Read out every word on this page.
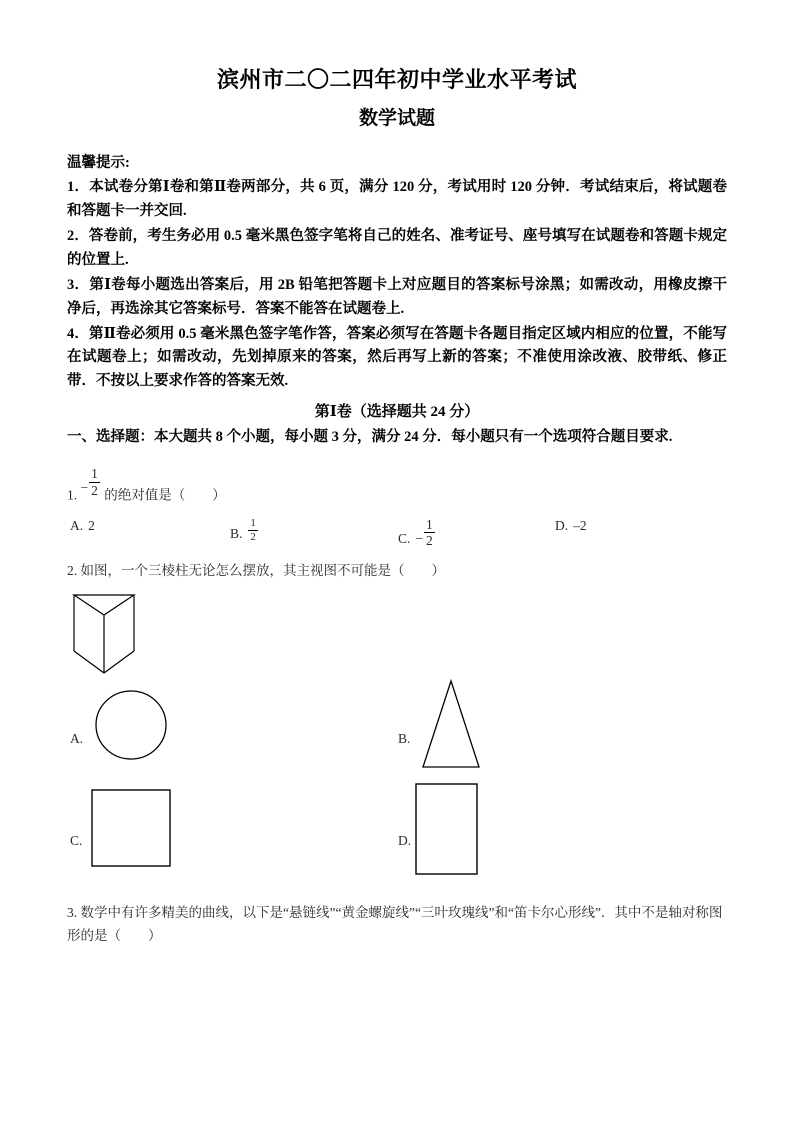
滨州市二〇二四年初中学业水平考试
数学试题
温馨提示:
1．本试卷分第Ⅰ卷和第Ⅱ卷两部分，共 6 页，满分 120 分，考试用时 120 分钟．考试结束后，将试题卷和答题卡一并交回.
2．答卷前，考生务必用 0.5 毫米黑色签字笔将自己的姓名、准考证号、座号填写在试题卷和答题卡规定的位置上.
3．第Ⅰ卷每小题选出答案后，用 2B 铅笔把答题卡上对应题目的答案标号涂黑；如需改动，用橡皮擦干净后，再选涂其它答案标号．答案不能答在试题卷上.
4．第Ⅱ卷必须用 0.5 毫米黑色签字笔作答，答案必须写在答题卡各题目指定区域内相应的位置，不能写在试题卷上；如需改动，先划掉原来的答案，然后再写上新的答案；不准使用涂改液、胶带纸、修正带．不按以上要求作答的答案无效.
第Ⅰ卷（选择题共 24 分）
一、选择题：本大题共 8 个小题，每小题 3 分，满分 24 分．每小题只有一个选项符合题目要求.
1. − $\frac{1}{2}$ 的绝对值是（　　）
A. 2
B. $\frac{1}{2}$	C. − $\frac{1}{2}$	D. –2
2. 如图，一个三棱柱无论怎么摆放，其主视图不可能是（　　）
A.	B.
C.	D.
3. 数学中有许多精美的曲线，以下是“悬链线”“黄金螺旋线”“三叶玫瑰线”和“笛卡尔心形线”．其中不是轴对称图形的是（　　）
